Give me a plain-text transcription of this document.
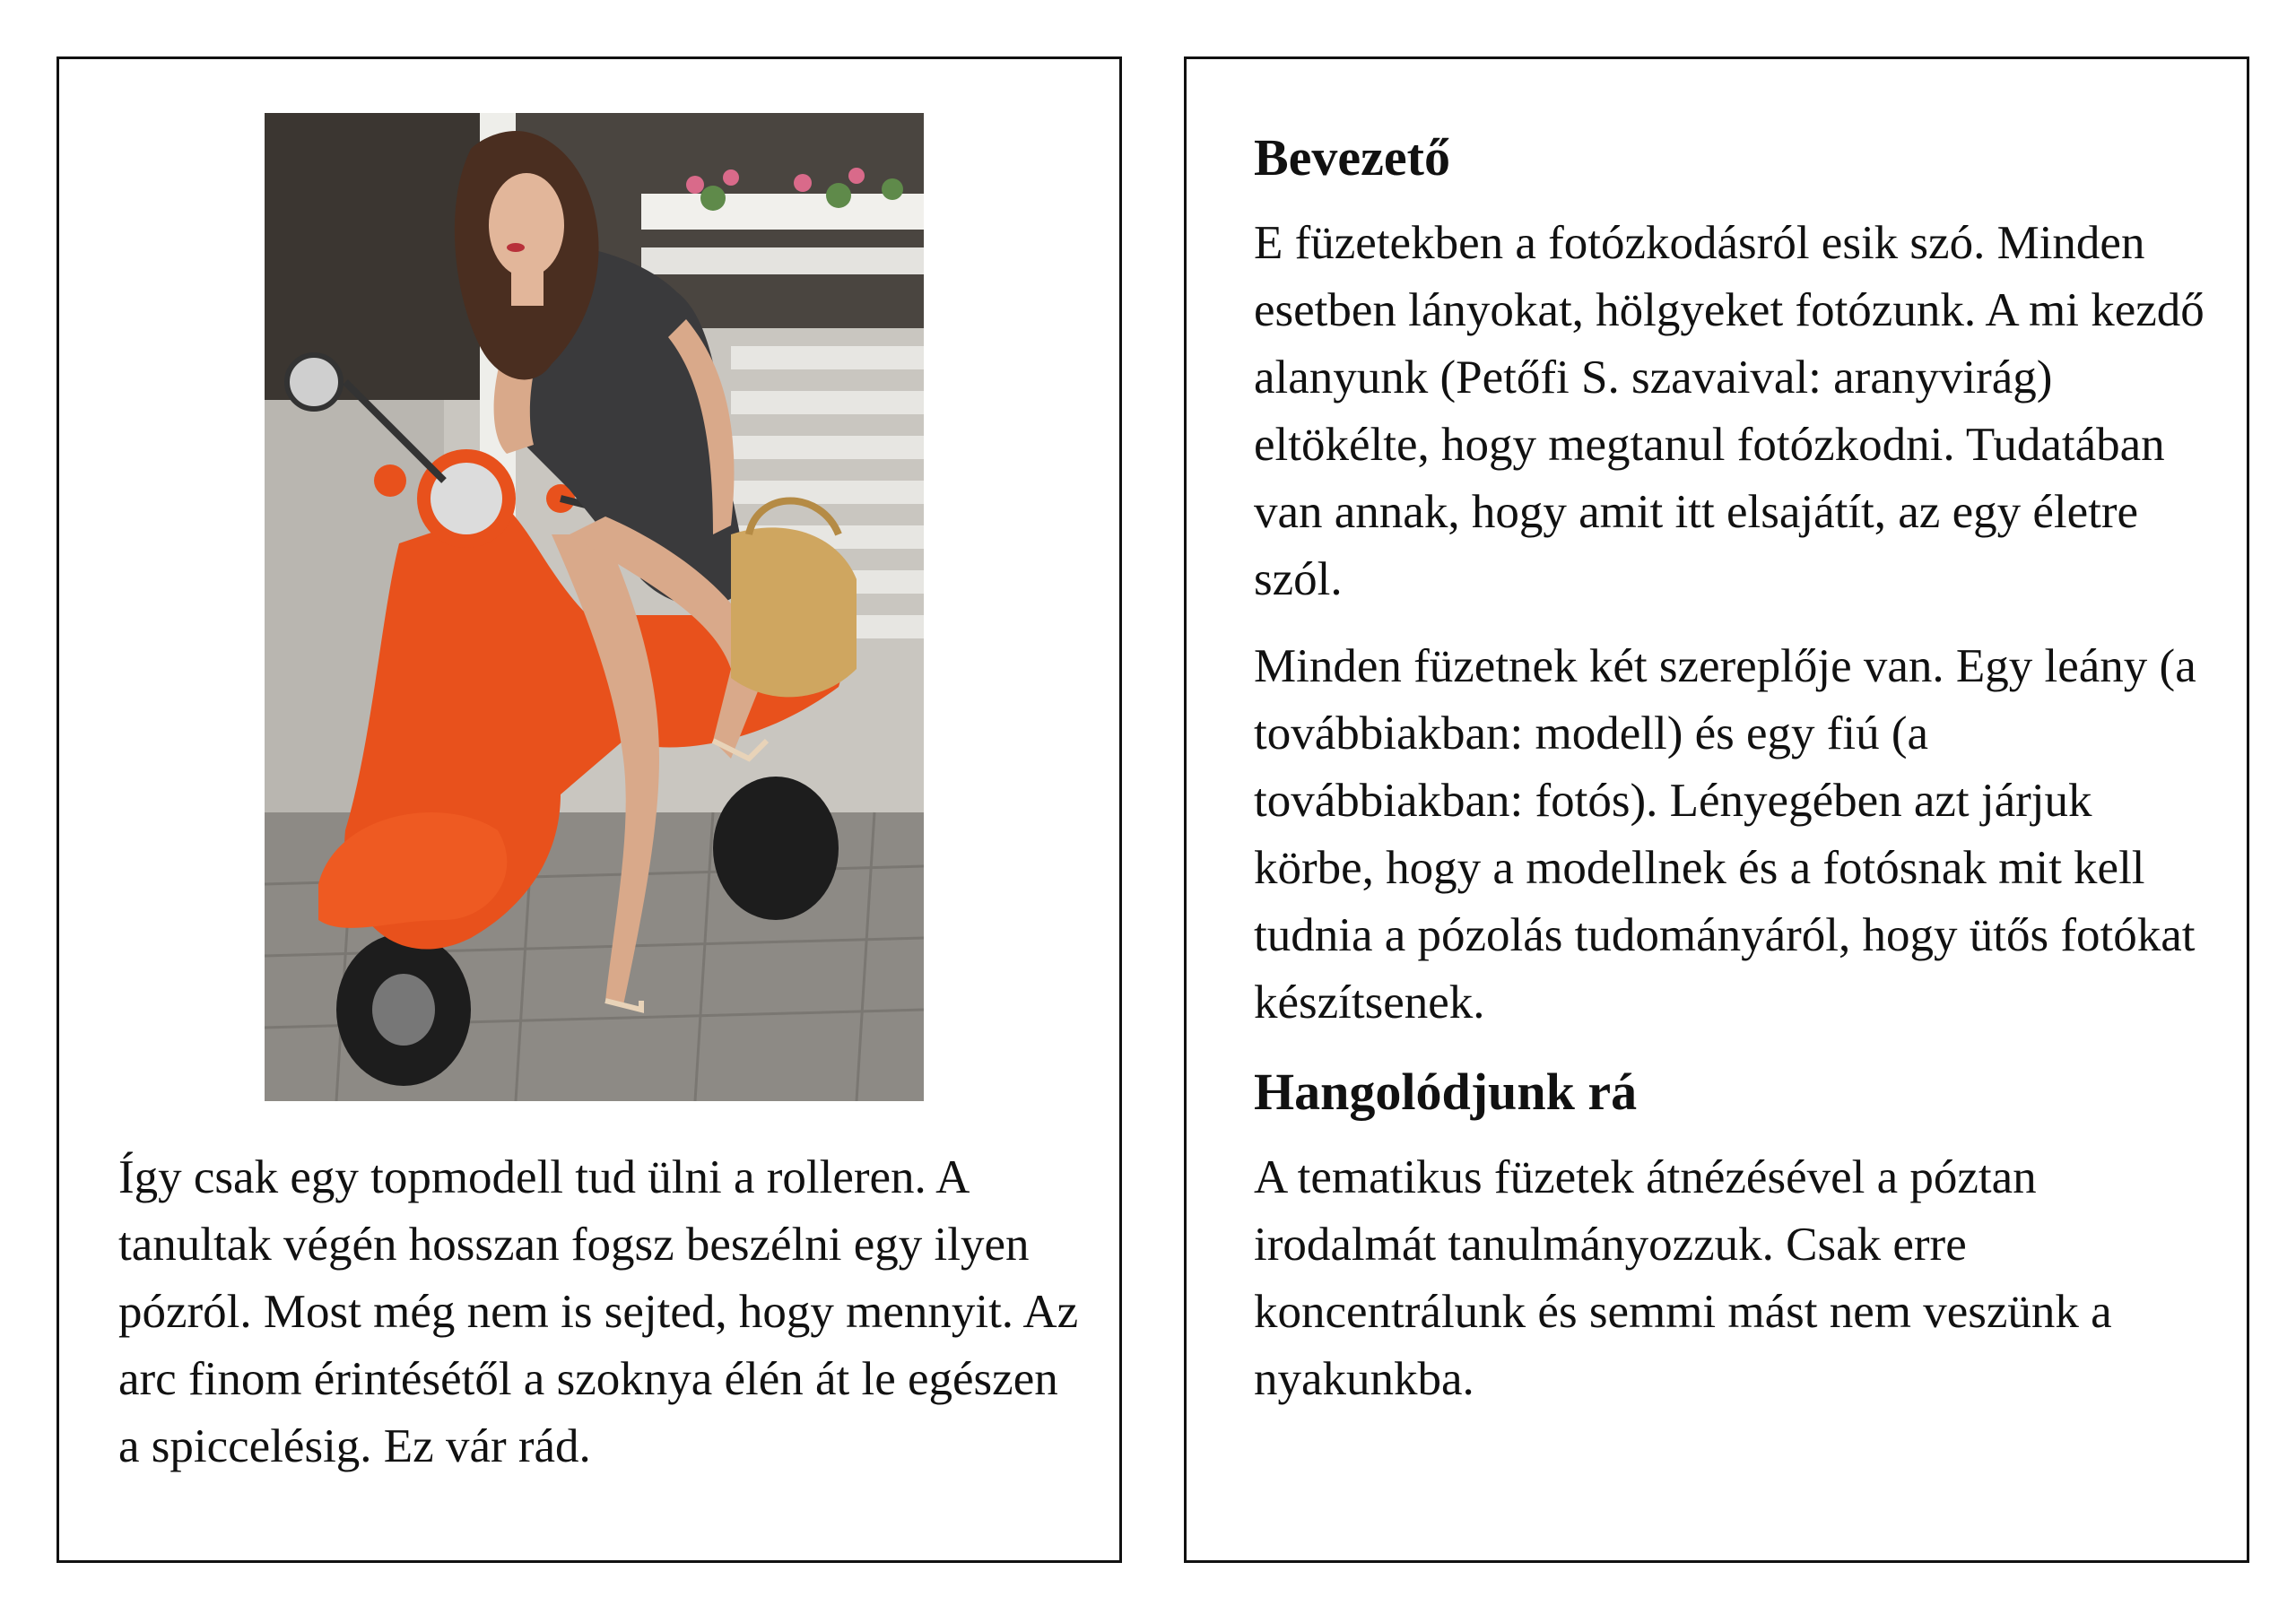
Így csak egy topmodell tud ülni a rolleren. A tanultak végén hosszan fogsz beszélni egy ilyen pózról. Most még nem is sejted, hogy mennyit. Az arc finom érintésétől a szoknya élén át le egészen a spiccelésig. Ez vár rád.

Bevezető

E füzetekben a fotózkodásról esik szó. Minden esetben lányokat, hölgyeket fotózunk. A mi kezdő alanyunk (Petőfi S. szavaival: aranyvirág) eltökélte, hogy megtanul fotózkodni. Tudatában van annak, hogy amit itt elsajátít, az egy életre szól.

Minden füzetnek két szereplője van. Egy leány (a továbbiakban: modell) és egy fiú (a továbbiakban: fotós). Lényegében azt járjuk körbe, hogy a modellnek és a fotósnak mit kell tudnia a pózolás tudományáról, hogy ütős fotókat készítsenek.

Hangolódjunk rá

A tematikus füzetek átnézésével a póztan irodalmát tanulmányozzuk. Csak erre koncentrálunk és semmi mást nem veszünk a nyakunkba.
